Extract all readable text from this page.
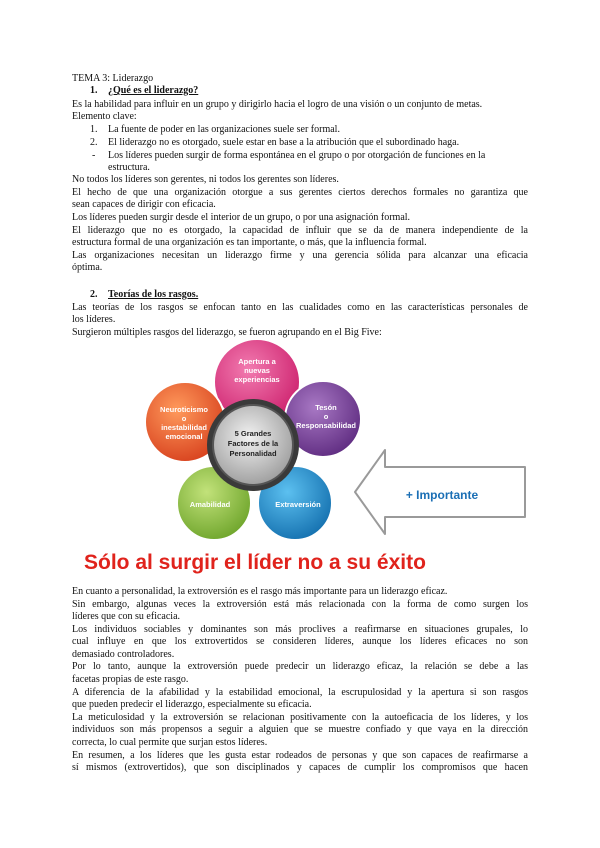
TEMA 3: Liderazgo
1. ¿Qué es el liderazgo?
Es la habilidad para influir en un grupo y dirigirlo hacia el logro de una visión o un conjunto de metas.
Elemento clave:
1. La fuente de poder en las organizaciones suele ser formal.
2. El liderazgo no es otorgado, suele estar en base a la atribución que el subordinado haga.
- Los líderes pueden surgir de forma espontánea en el grupo o por otorgación de funciones en la
estructura.
No todos los líderes son gerentes, ni todos los gerentes son líderes.
El hecho de que una organización otorgue a sus gerentes ciertos derechos formales no garantiza que
sean capaces de dirigir con eficacia.
Los líderes pueden surgir desde el interior de un grupo, o por una asignación formal.
El liderazgo que no es otorgado, la capacidad de influir que se da de manera independiente de la
estructura formal de una organización es tan importante, o más, que la influencia formal.
Las organizaciones necesitan un liderazgo firme y una gerencia sólida para alcanzar una eficacia
óptima.
2. Teorías de los rasgos.
Las teorías de los rasgos se enfocan tanto en las cualidades como en las características personales de
los líderes.
Surgieron múltiples rasgos del liderazgo, se fueron agrupando en el Big Five:
Apertura a
nuevas
experiencias
Tesón
o
Responsabilidad
Extraversión
Amabilidad
Neuroticismo
o
inestabilidad
emocional	5 Grandes
Factores de la
Personalidad
+ Importante
Sólo al surgir el líder no a su éxito
En cuanto a personalidad, la extroversión es el rasgo más importante para un liderazgo eficaz.
Sin embargo, algunas veces la extroversión está más relacionada con la forma de como surgen los
líderes que con su eficacia.
Los individuos sociables y dominantes son más proclives a reafirmarse en situaciones grupales, lo
cual influye en que los extrovertidos se consideren líderes, aunque los líderes eficaces no son
demasiado controladores.
Por lo tanto, aunque la extroversión puede predecir un liderazgo eficaz, la relación se debe a las
facetas propias de este rasgo.
A diferencia de la afabilidad y la estabilidad emocional, la escrupulosidad y la apertura si son rasgos
que pueden predecir el liderazgo, especialmente su eficacia.
La meticulosidad y la extroversión se relacionan positivamente con la autoeficacia de los líderes, y los
individuos son más propensos a seguir a alguien que se muestre confiado y que vaya en la dirección
correcta, lo cual permite que surjan estos líderes.
En resumen, a los líderes que les gusta estar rodeados de personas y que son capaces de reafirmarse a
sí mismos (extrovertidos), que son disciplinados y capaces de cumplir los compromisos que hacen
